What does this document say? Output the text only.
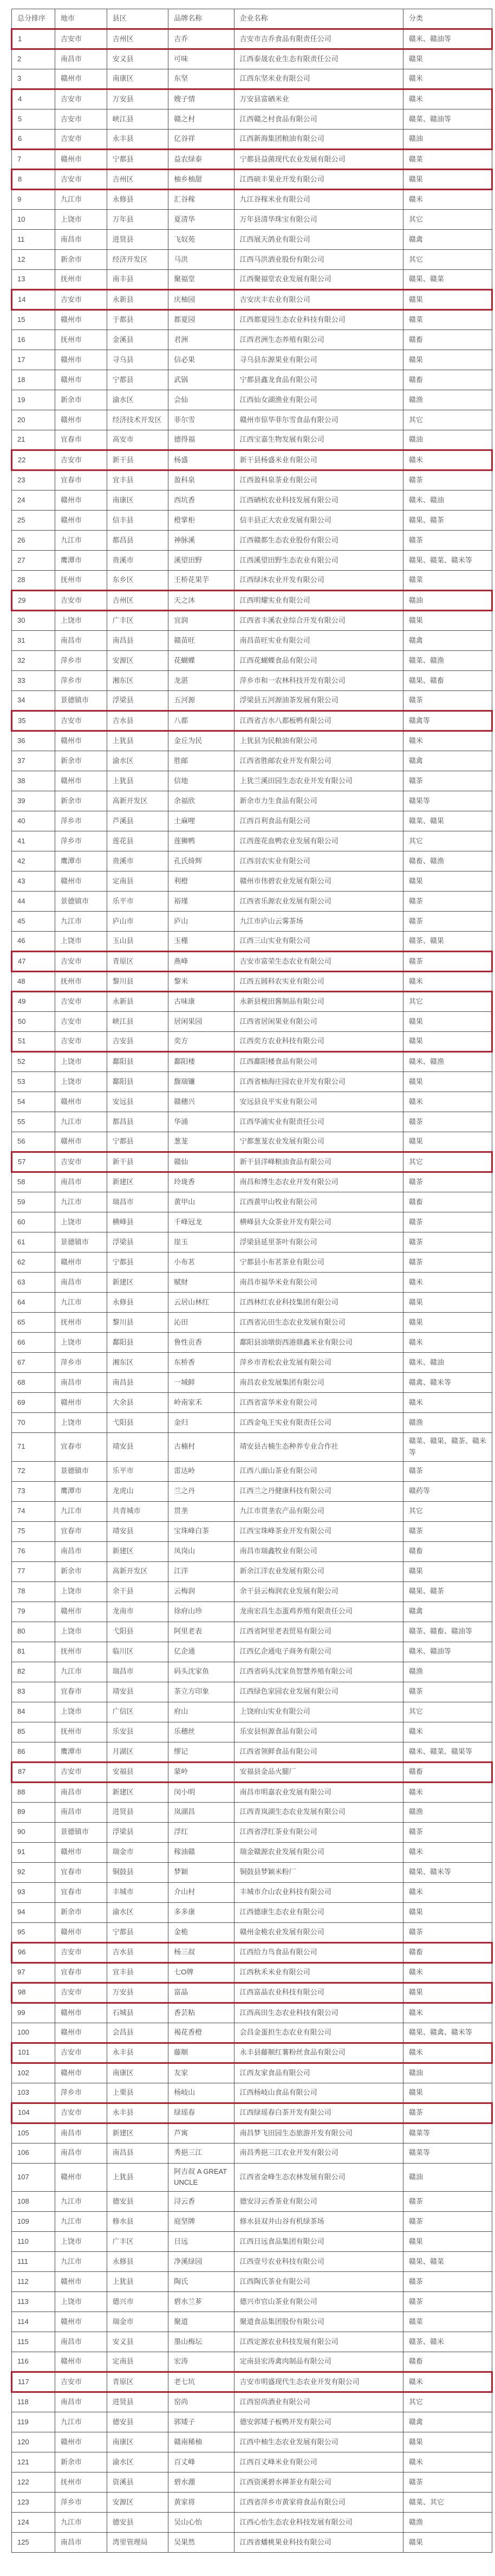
总分排序	地市	县区	品牌名称	企业名称	分类
1	吉安市	吉州区	吉乔	吉安市吉乔食品有限责任公司	赣米、赣油等
2	南昌市	安义县	可味	江西泰晟农业生态有限责任公司	赣果
3	赣州市	南康区	东坚	江西东坚米业有限公司	赣米
4	吉安市	万安县	嫂子情	万安县富硒米业	赣米
5	吉安市	峡江县	赣之村	江西赣之村食品有限公司	赣菜、赣油等
6	吉安市	永丰县	亿谷祥	江西新海集团粮油有限公司	赣油
7	赣州市	宁都县	益农绿泰	宁都县益菌现代农业发展有限公司	赣菜
8	吉安市	吉州区	柚乡柚甜	江西硕丰果业开发有限公司	赣果
9	九江市	永修县	汇谷稼	九江谷稼米业有限公司	赣米
10	上饶市	万年县	夏清华	万年县清华珠宝有限公司	其它
11	南昌市	进贤县	飞奴苑	江西展天鸽业有限公司	赣禽
12	新余市	经济开发区	马洪	江西马洪酒业股份有限公司	其它
13	抚州市	南丰县	聚福堂	江西聚福堂农业发展有限公司	赣果、赣菜
14	吉安市	永新县	庆柚园	吉安庆丰农业有限公司	赣果
15	赣州市	于都县	都夏园	江西都夏园生态农业科技有限公司	赣菜
16	抚州市	金溪县	君洲	江西君洲生态养殖有限公司	赣畜
17	赣州市	寻乌县	信必果	寻乌县东源果业有限公司	赣果
18	赣州市	宁都县	武锅	宁都县鑫龙食品有限公司	赣畜
19	新余市	渝水区	会仙	江西仙女湖渔业有限公司	赣渔
20	赣州市	经济技术开发区	菲尔雪	赣州市倞华菲尔雪食品有限公司	其它
21	宜春市	高安市	德得福	江西宝嘉生物发展有限公司	赣油
22	吉安市	新干县	杨盛	新干县杨盛米业有限公司	赣米
23	宜春市	宜丰县	盈科泉	江西盈科泉茶业有限公司	赣茶
24	赣州市	南康区	西坑香	江西硒杭农业科技发展有限公司	赣米、赣油
25	赣州市	信丰县	橙掌柜	信丰县正大农业发展有限公司	赣果、赣茶
26	九江市	都昌县	神脉溪	江西赣都生态农业股份有限公司	赣茶
27	鹰潭市	贵溪市	溪望田野	江西溪望田野生态农业有限公司	赣果、赣菜、赣米等
28	抚州市	东乡区	王桥花果芋	江西绿沐农业开发有限公司	赣菜
29	吉安市	吉州区	天之沐	江西明耀实业有限公司	赣油
30	上饶市	广丰区	宜润	江西省丰溪农业综合开发有限公司	赣果
31	南昌市	南昌县	赣苗旺	南昌苗旺实业有限公司	赣禽
32	萍乡市	安源区	花蝴蝶	江西花蝴蝶食品有限公司	赣菜、赣渔
33	萍乡市	湘东区	龙湛	萍乡市和一农林科技开发有限公司	赣果、赣畜
34	景德镇市	浮梁县	五河源	浮梁县五河源油茶发展有限公司	赣茶
35	吉安市	吉水县	八都	江西省吉水八都板鸭有限公司	赣禽等
36	赣州市	上犹县	金丘为民	上犹县为民粮油有限公司	赣米
37	新余市	渝水区	胜邮	江西省胜邮农业开发有限公司	赣禽
38	赣州市	上犹县	信地	上犹兰溪田园生态农业开发有限公司	赣茶
39	新余市	高新开发区	余福欣	新余市力生食品有限公司	赣果等
40	萍乡市	芦溪县	土麻哩	江西百利食品有限公司	赣菜、赣果
41	萍乡市	莲花县	莲狮鸭	江西莲花血鸭农业发展有限公司	其它
42	鹰潭市	贵溪市	孔氏绮辉	江西羽农实业有限公司	赣畜、赣渔
43	赣州市	定南县	利橙	赣州市伟碧农业发展有限公司	赣果
44	景德镇市	乐平市	裕瑾	江西省乐源农业发展有限公司	赣茶
45	九江市	庐山市	庐山	九江市庐山云雾茶场	赣茶
46	上饶市	玉山县	玉槿	江西三山实业有限公司	赣茶、赣果
47	吉安市	青原区	燕峰	吉安市富荣生态农业有限公司	赣茶
48	抚州市	黎川县	黎米	江西五圆科农实业有限公司	赣米
49	吉安市	永新县	古味康	永新县枧田酱制品有限公司	其它
50	吉安市	峡江县	居闲果园	江西省居闲果业有限公司	赣果
51	吉安市	吉安县	奕方	江西奕方农业科技有限公司	赣果
52	上饶市	鄱阳县	鄱阳楼	江西鄱阳楼食品有限公司	赣米、赣渔
53	上饶市	鄱阳县	馥瑞镰	江西省柚海庄园农业开发有限公司	赣果
54	赣州市	安远县	赣穗兴	安远县良平实业有限公司	赣米
55	九江市	都昌县	华浦	江西华浦实业有限责任公司	赣茶
56	赣州市	宁都县	葱茏	宁都葱茏农业发展有限公司	赣果
57	吉安市	新干县	赣仙	新干县洋峰粮油食品有限公司	其它
58	南昌市	新建区	玲珑香	南昌和博生态农业开发有限公司	赣茶
59	九江市	瑞昌市	黄甲山	江西黄甲山牧业有限公司	赣畜
60	上饶市	横峰县	千峰冠龙	横峰县大众茶业开发有限公司	赣茶
61	景德镇市	浮梁县	崖玉	浮梁县延里茶叶有限公司	赣茶
62	赣州市	宁都县	小布茗	宁都县小布茗茶业有限公司	赣茶
63	南昌市	新建区	赋财	南昌市福华米业有限公司	赣米
64	九江市	永修县	云居山林红	江西林红农业科技集团有限公司	赣果
65	抚州市	黎川县	沁田	江西省沁田生态农业发展有限公司	赣果
66	上饶市	鄱阳县	鲁性贡香	鄱阳县油墩街西港鼎鑫米业有限公司	赣米
67	萍乡市	湘东区	东桥香	萍乡市青松农业发展有限公司	赣米、赣油
68	南昌市	南昌县	一城鲜	南昌农业发展集团有限公司	赣禽、赣米等
69	赣州市	大余县	岭南家禾	江西省富华米业有限公司	赣米
70	上饶市	弋阳县	金归	江西金龟王实业有限责任公司	赣渔
71	宜春市	靖安县	古楠村	靖安县古楠生态种养专业合作社	赣菜、赣果、赣茶、赣米等
72	景德镇市	乐平市	雷达岭	江西八面山茶业有限公司	赣茶
73	鹰潭市	龙虎山	兰之丹	江西兰之丹健康科技有限公司	赣药等
74	九江市	共青城市	贯垄	九江市贯垄农产品有限公司	其它
75	宜春市	靖安县	宝珠峰白茶	江西宝珠峰茶业开发有限公司	赣茶
76	南昌市	新建区	凤岗山	南昌市瑞鑫牧业有限公司	赣畜
77	新余市	高新开发区	江洋	新余江洋农业发展有限公司	赣果
78	上饶市	余干县	云梅润	余干县云梅润农业发展有限公司	赣果、赣茶
79	赣州市	龙南市	徐府山珍	龙南宏昌生态蛋鸡养殖有限责任公司	赣禽
80	上饶市	弋阳县	阿里老表	江西省阿里老表贸易有限公司	赣茶、赣畜、赣油等
81	抚州市	临川区	亿企通	江西亿企通电子商务有限公司	赣米、赣油等
82	九江市	瑞昌市	码头沈家鱼	江西省码头沈家鱼智慧养殖有限公司	赣渔
83	宜春市	靖安县	茶立方印象	江西绿色家园农业发展有限公司	赣茶
84	上饶市	广信区	府山	上饶府山实业有限公司	其它
85	抚州市	乐安县	乐穗丝	乐安县恒源食品有限公司	赣米
86	鹰潭市	月湖区	缪记	江西省领鲜食品有限公司	赣米、赣菜、赣果等
87	吉安市	安福县	蒙岭	安福县金品火腿厂	赣畜
88	南昌市	新建区	闵小明	南昌市明嘉农业发展有限公司	赣米
89	南昌市	进贤县	岚湖昌	江西青岚湖生态农业发展有限公司	赣渔
90	景德镇市	浮梁县	浮红	江西省浮红茶业有限公司	赣茶
91	赣州市	瑞金市	稼油赣	瑞金赣源农业发展有限公司	赣米
92	宜春市	铜鼓县	梦颖	铜鼓县梦颖米粉厂	赣果、赣米等
93	宜春市	丰城市	介山村	丰城市介山农业科技有限公司	赣米
94	新余市	渝水区	多多康	江西德康生态农业有限公司	赣果
95	赣州市	宁都县	金桅	赣州金桅农业发展有限公司	赣茶
96	吉安市	吉水县	杨三叔	江西给力鸟食品有限公司	赣畜
97	宜春市	宜丰县	七O牌	江西秋禾米业有限公司	赣米
98	吉安市	万安县	富晶	江西富晶农业科技有限公司	赣果
99	赣州市	石城县	香芸粘	江西高田生态农业科技有限公司	赣米
100	赣州市	会昌县	褐花香橙	会昌金蛋担生态农业有限公司	赣果、赣禽、赣米等
101	吉安市	永丰县	藤顺	永丰县藤顺红薯粉丝食品有限公司	赣米
102	赣州市	南康区	友家	江西友家食品有限公司	赣油
103	萍乡市	上栗县	杨岐山	江西杨岐山食品有限公司	赣果
104	吉安市	永丰县	绿瑶春	江西绿瑶春白茶开发有限公司	赣茶
105	南昌市	新建区	芦寓	南昌梦飞田园生态旅游开发有限公司	赣菜等
106	南昌市	南昌县	秀挹三江	南昌秀挹三江农业开发有限公司	赣菜等
107	赣州市	上犹县	阿吉叔 A GREAT UNCLE	江西省金峰生态农林发展有限公司	赣油
108	九江市	德安县	浔云香	德安浔云香茶业有限公司	赣茶
109	九江市	修水县	庭坚牌	修水县双井山谷有机绿茶场	赣茶
110	上饶市	广丰区	日远	江西日远食品集团有限公司	赣果
111	九江市	永修县	净溪绿园	江西壹号农业科技有限公司	赣果、赣菜
112	赣州市	上犹县	陶氏	江西陶氏茶业有限公司	赣茶
113	上饶市	德兴市	碧水兰芗	德兴市官山茶业有限公司	赣茶
114	赣州市	瑞金市	聚道	聚道食品集团股份有限公司	赣菜
115	南昌市	安义县	墨山梅坛	江西定源农业科技发展有限公司	赣茶、赣米
116	赣州市	定南县	宏涛	定南县宏涛禽肉制品有限公司	赣畜
117	吉安市	青原区	老七坑	吉安市明盛现代生态农业开发有限公司	赣米
118	南昌市	进贤县	窑尚	江西窑尚酒业有限公司	其它
119	九江市	德安县	郭矮子	德安郭矮子板鸭开发有限公司	赣禽
120	赣州市	南康区	赣南稀柚	江西中柚生态农业发展有限公司	赣果
121	新余市	渝水区	百丈峰	江西百丈峰米业有限公司	赣米
122	抚州市	资溪县	碧水淜	江西资溪碧水禅茶业有限公司	赣茶
123	萍乡市	安源区	黄家将	江西省萍乡市黄家将食品有限公司	赣菜、其它
124	九江市	德安县	吴山心怡	江西心怡生态农业科技发展有限公司	赣渔
125	南昌市	湾里管理局	吴果然	江西省蟠桃果业科技有限公司	赣果
